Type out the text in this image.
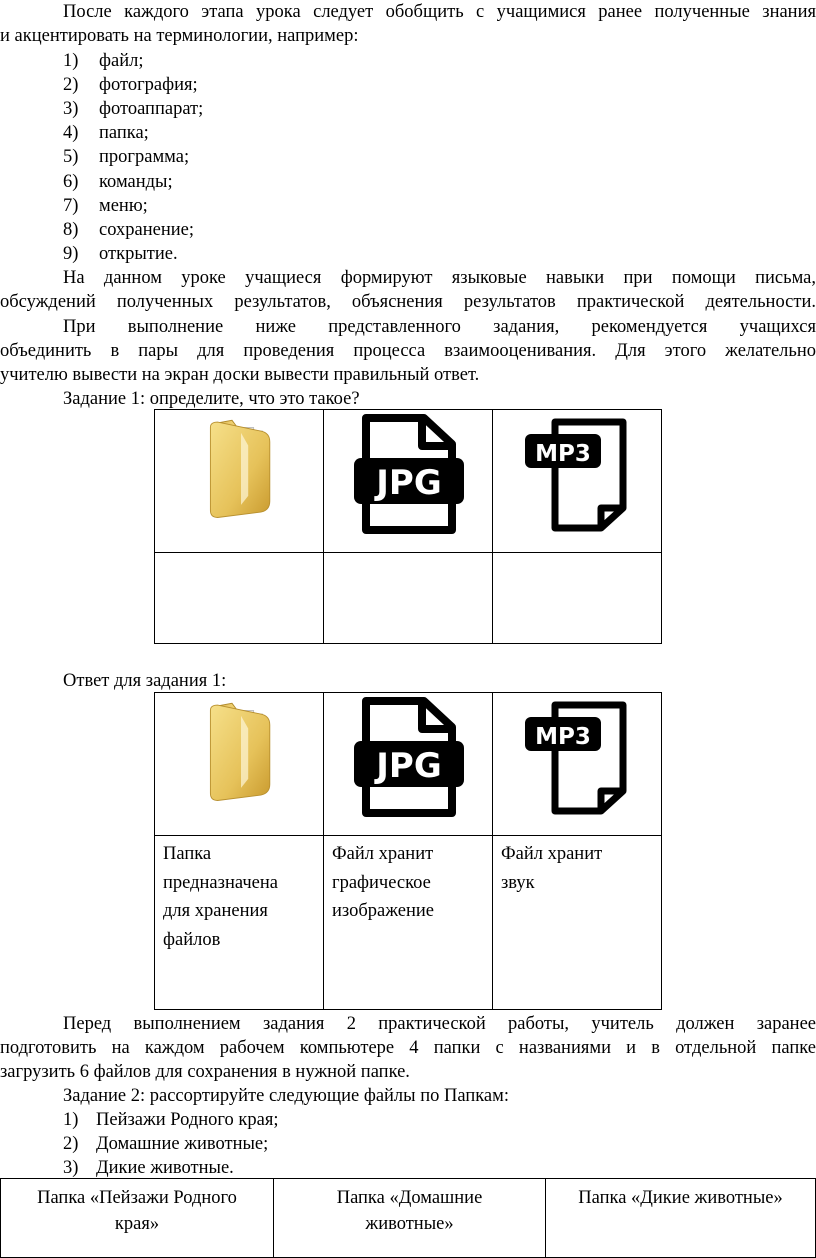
После каждого этапа урока следует обобщить с учащимися ранее полученные знания
и акцентировать на терминологии, например:
1) файл;
2) фотография;
3) фотоаппарат;
4) папка;
5) программа;
6) команды;
7) меню;
8) сохранение;
9) открытие.
На данном уроке учащиеся формируют языковые навыки при помощи письма,
обсуждений полученных результатов, объяснения результатов практической деятельности.
При выполнение ниже представленного задания, рекомендуется учащихся
объединить в пары для проведения процесса взаимооценивания. Для этого желательно
учителю вывести на экран доски вывести правильный ответ.
Задание 1: определите, что это такое?
JPG
MP3
Ответ для задания 1:
JPG
MP3
Папка
предназначена
для хранения
файлов
Файл хранит
графическое
изображение
Файл хранит
звук
Перед выполнением задания 2 практической работы, учитель должен заранее
подготовить на каждом рабочем компьютере 4 папки с названиями и в отдельной папке
загрузить 6 файлов для сохранения в нужной папке.
Задание 2: рассортируйте следующие файлы по Папкам:
1) Пейзажи Родного края;
2) Домашние животные;
3) Дикие животные.
Папка «Пейзажи Родного
края»
Папка «Домашние
животные»
Папка «Дикие животные»
